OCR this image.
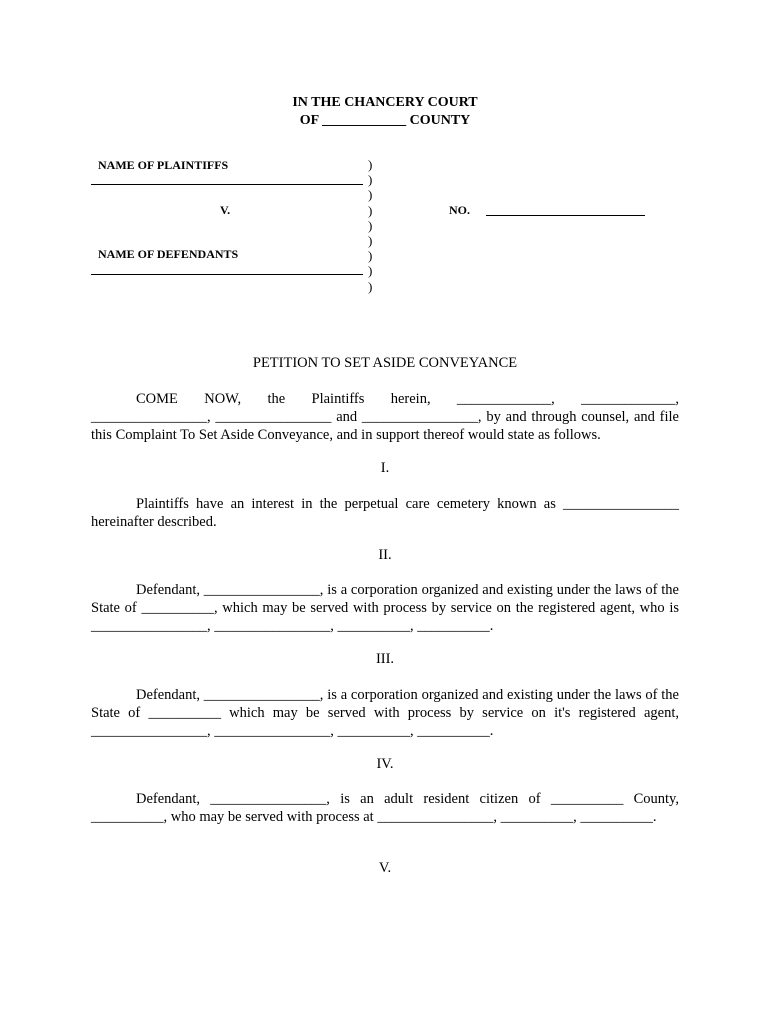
IN THE CHANCERY COURT
OF ____________ COUNTY
NAME OF PLAINTIFFS
V.
NAME OF DEFENDANTS
)
)
)
)
)
)
)
)
)
NO.
PETITION TO SET ASIDE CONVEYANCE
COME NOW, the Plaintiffs herein, _____________, _____________,
________________, ________________ and ________________, by and through counsel, and file this Complaint To Set Aside Conveyance, and in support thereof would state as follows.
I.
Plaintiffs have an interest in the perpetual care cemetery known as ________________ hereinafter described.
II.
Defendant, ________________, is a corporation organized and existing under the laws of the State of __________, which may be served with process by service on the registered agent, who is ________________, ________________, __________, __________.
III.
Defendant, ________________, is a corporation organized and existing under the laws of the State of __________ which may be served with process by service on it's registered agent, ________________, ________________, __________, __________.
IV.
Defendant, ________________, is an adult resident citizen of __________ County, __________, who may be served with process at ________________, __________, __________.
V.
